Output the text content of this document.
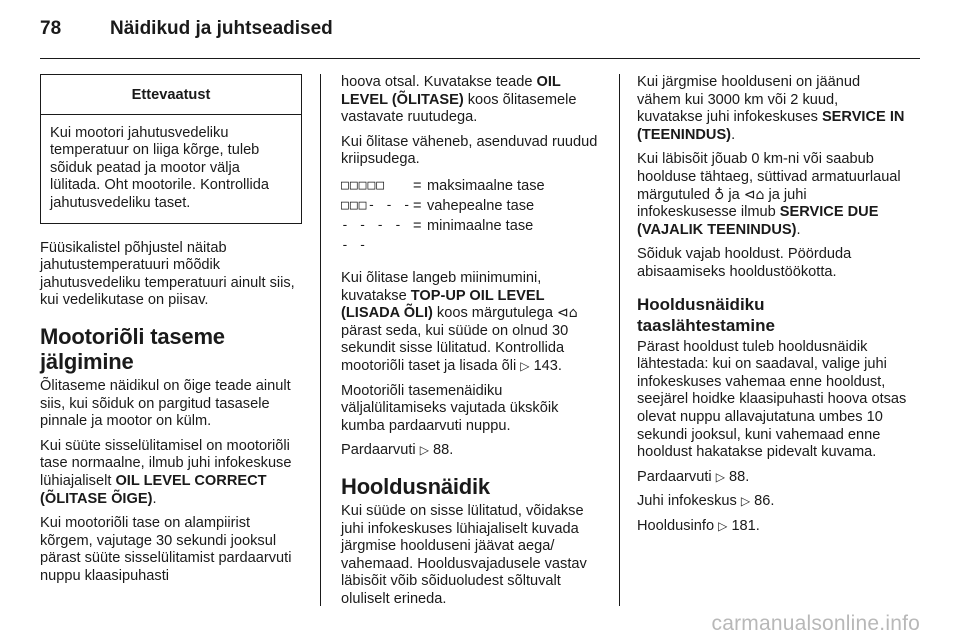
78	Näidikud ja juhtseadised
Ettevaatust
Kui mootori jahutusvedeliku temperatuur on liiga kõrge, tuleb sõiduk peatad ja mootor välja lülitada. Oht mootorile. Kontrollida jahutusvedeliku taset.

Füüsikalistel põhjustel näitab jahutustemperatuuri mõõdik jahutusvedeliku temperatuuri ainult siis, kui vedelikutase on piisav.

Mootoriõli taseme jälgimine

Õlitaseme näidikul on õige teade ainult siis, kui sõiduk on pargitud tasasele pinnale ja mootor on külm.

Kui süüte sisselülitamisel on mootoriõli tase normaalne, ilmub juhi infokeskuse lühiajaliselt OIL LEVEL CORRECT (ÕLITASE ÕIGE).

Kui mootoriõli tase on alampiirist kõrgem, vajutage 30 sekundi jooksul pärast süüte sisselülitamist pardaarvuti nuppu klaasipuhasti

hoova otsal. Kuvatakse teade OIL LEVEL (ÕLITASE) koos õlitasemele vastavate ruutudega.

Kui õlitase väheneb, asenduvad ruudud kriipsudega.

□□□□□	= maksimaalne tase
□□□- - - = vahepealne tase
- - - - - -
= minimaalne tase

Kui õlitase langeb miinimumini, kuvatakse TOP-UP OIL LEVEL (LISADA ÕLI) koos märgutulega ⊲⌂ pärast seda, kui süüde on olnud 30 sekundit sisse lülitatud. Kontrollida mootoriõli taset ja lisada õli ▷ 143.

Mootoriõli tasemenäidiku väljalülitamiseks vajutada ükskõik kumba pardaarvuti nuppu.

Pardaarvuti ▷ 88.

Hooldusnäidik

Kui süüde on sisse lülitatud, võidakse juhi infokeskuses lühiajaliselt kuvada järgmise hoolduseni jäävat aega/ vahemaad. Hooldusvajadusele vastav läbisõit võib sõiduoludest sõltuvalt oluliselt erineda.

Kui järgmise hoolduseni on jäänud vähem kui 3000 km või 2 kuud, kuvatakse juhi infokeskuses SERVICE IN (TEENINDUS).

Kui läbisõit jõuab 0 km-ni või saabub hoolduse tähtaeg, süttivad armatuurlaual märgutuled ♁ ja ⊲⌂ ja juhi infokeskusesse ilmub SERVICE DUE (VAJALIK TEENINDUS).

Sõiduk vajab hooldust. Pöörduda abisaamiseks hooldustöökotta.

Hooldusnäidiku taaslähtestamine

Pärast hooldust tuleb hooldusnäidik lähtestada: kui on saadaval, valige juhi infokeskuses vahemaa enne hooldust, seejärel hoidke klaasipuhasti hoova otsas olevat nuppu allavajutatuna umbes 10 sekundi jooksul, kuni vahemaad enne hooldust hakatakse pidevalt kuvama.

Pardaarvuti ▷ 88.

Juhi infokeskus ▷ 86.

Hooldusinfo ▷ 181.

carmanualsonline.info
